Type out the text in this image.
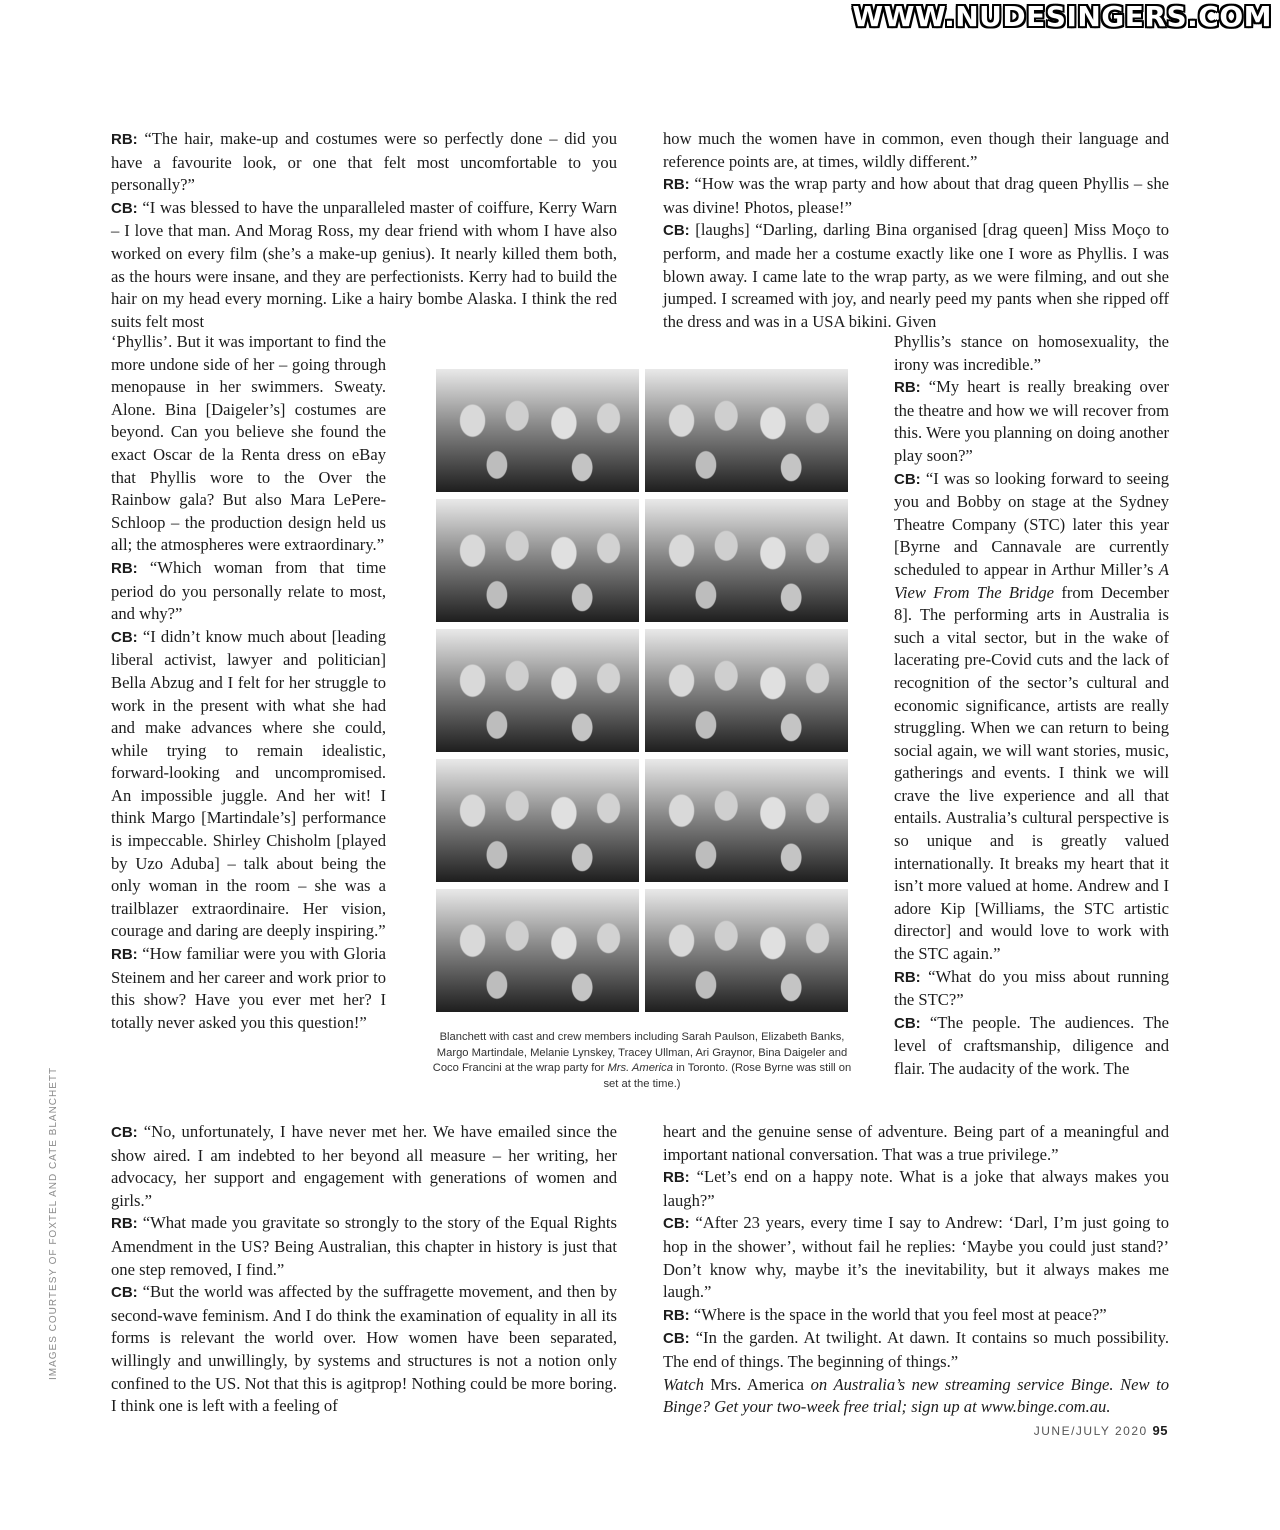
WWW.NUDESINGERS.COM
IMAGES COURTESY OF FOXTEL AND CATE BLANCHETT
RB: “The hair, make-up and costumes were so perfectly done – did you have a favourite look, or one that felt most uncomfortable to you personally?”
CB: “I was blessed to have the unparalleled master of coiffure, Kerry Warn – I love that man. And Morag Ross, my dear friend with whom I have also worked on every film (she’s a make-up genius). It nearly killed them both, as the hours were insane, and they are perfectionists. Kerry had to build the hair on my head every morning. Like a hairy bombe Alaska. I think the red suits felt most
‘Phyllis’. But it was important to find the more undone side of her – going through menopause in her swimmers. Sweaty. Alone. Bina [Daigeler’s] costumes are beyond. Can you believe she found the exact Oscar de la Renta dress on eBay that Phyllis wore to the Over the Rainbow gala? But also Mara LePere-Schloop – the production design held us all; the atmospheres were extraordinary.”
RB: “Which woman from that time period do you personally relate to most, and why?”
CB: “I didn’t know much about [leading liberal activist, lawyer and politician] Bella Abzug and I felt for her struggle to work in the present with what she had and make advances where she could, while trying to remain idealistic, forward-looking and uncompromised. An impossible juggle. And her wit! I think Margo [Martindale’s] performance is impeccable. Shirley Chisholm [played by Uzo Aduba] – talk about being the only woman in the room – she was a trailblazer extraordinaire. Her vision, courage and daring are deeply inspiring.”
RB: “How familiar were you with Gloria Steinem and her career and work prior to this show? Have you ever met her? I totally never asked you this question!”
CB: “No, unfortunately, I have never met her. We have emailed since the show aired. I am indebted to her beyond all measure – her writing, her advocacy, her support and engagement with generations of women and girls.”
RB: “What made you gravitate so strongly to the story of the Equal Rights Amendment in the US? Being Australian, this chapter in history is just that one step removed, I find.”
CB: “But the world was affected by the suffragette movement, and then by second-wave feminism. And I do think the examination of equality in all its forms is relevant the world over. How women have been separated, willingly and unwillingly, by systems and structures is not a notion only confined to the US. Not that this is agitprop! Nothing could be more boring. I think one is left with a feeling of
Blanchett with cast and crew members including Sarah Paulson, Elizabeth Banks, Margo Martindale, Melanie Lynskey, Tracey Ullman, Ari Graynor, Bina Daigeler and Coco Francini at the wrap party for Mrs. America in Toronto. (Rose Byrne was still on set at the time.)
how much the women have in common, even though their language and reference points are, at times, wildly different.”
RB: “How was the wrap party and how about that drag queen Phyllis – she was divine! Photos, please!”
CB: [laughs] “Darling, darling Bina organised [drag queen] Miss Moço to perform, and made her a costume exactly like one I wore as Phyllis. I was blown away. I came late to the wrap party, as we were filming, and out she jumped. I screamed with joy, and nearly peed my pants when she ripped off the dress and was in a USA bikini. Given
Phyllis’s stance on homosexuality, the irony was incredible.”
RB: “My heart is really breaking over the theatre and how we will recover from this. Were you planning on doing another play soon?”
CB: “I was so looking forward to seeing you and Bobby on stage at the Sydney Theatre Company (STC) later this year [Byrne and Cannavale are currently scheduled to appear in Arthur Miller’s A View From The Bridge from December 8]. The performing arts in Australia is such a vital sector, but in the wake of lacerating pre-Covid cuts and the lack of recognition of the sector’s cultural and economic significance, artists are really struggling. When we can return to being social again, we will want stories, music, gatherings and events. I think we will crave the live experience and all that entails. Australia’s cultural perspective is so unique and is greatly valued internationally. It breaks my heart that it isn’t more valued at home. Andrew and I adore Kip [Williams, the STC artistic director] and would love to work with the STC again.”
RB: “What do you miss about running the STC?”
CB: “The people. The audiences. The level of craftsmanship, diligence and flair. The audacity of the work. The
heart and the genuine sense of adventure. Being part of a meaningful and important national conversation. That was a true privilege.”
RB: “Let’s end on a happy note. What is a joke that always makes you laugh?”
CB: “After 23 years, every time I say to Andrew: ‘Darl, I’m just going to hop in the shower’, without fail he replies: ‘Maybe you could just stand?’ Don’t know why, maybe it’s the inevitability, but it always makes me laugh.”
RB: “Where is the space in the world that you feel most at peace?”
CB: “In the garden. At twilight. At dawn. It contains so much possibility. The end of things. The beginning of things.”
Watch Mrs. America on Australia’s new streaming service Binge. New to Binge? Get your two-week free trial; sign up at www.binge.com.au.
JUNE/JULY 2020 95
